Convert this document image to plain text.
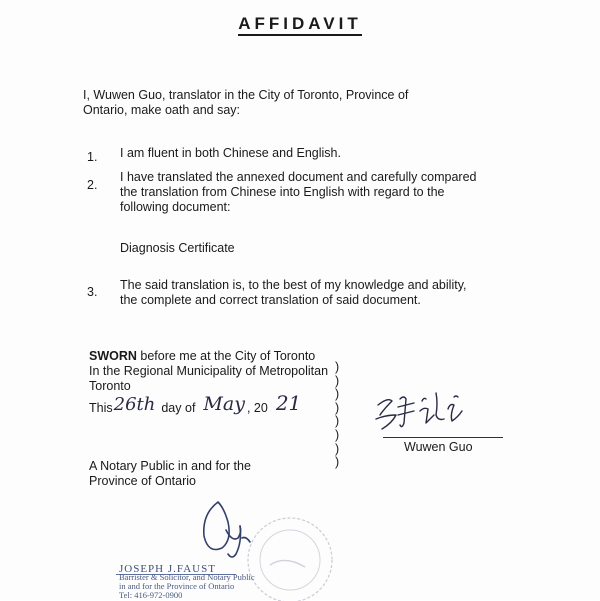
AFFIDAVIT
I, Wuwen Guo, translator in the City of Toronto, Province of Ontario, make oath and say:
1. I am fluent in both Chinese and English.
2.
I have translated the annexed document and carefully compared the translation from Chinese into English with regard to the following document:
Diagnosis Certificate
3. The said translation is, to the best of my knowledge and ability, the complete and correct translation of said document.
SWORN before me at the City of Toronto
In the Regional Municipality of Metropolitan
Toronto
This26th day of May , 20 21
)
)
)
)
)
)
)
)
Wuwen Guo
A Notary Public in and for the
Province of Ontario
JOSEPH J.FAUST
Barrister & Solicitor, and Notary Public
in and for the Province of Ontario
Tel: 416-972-0900
